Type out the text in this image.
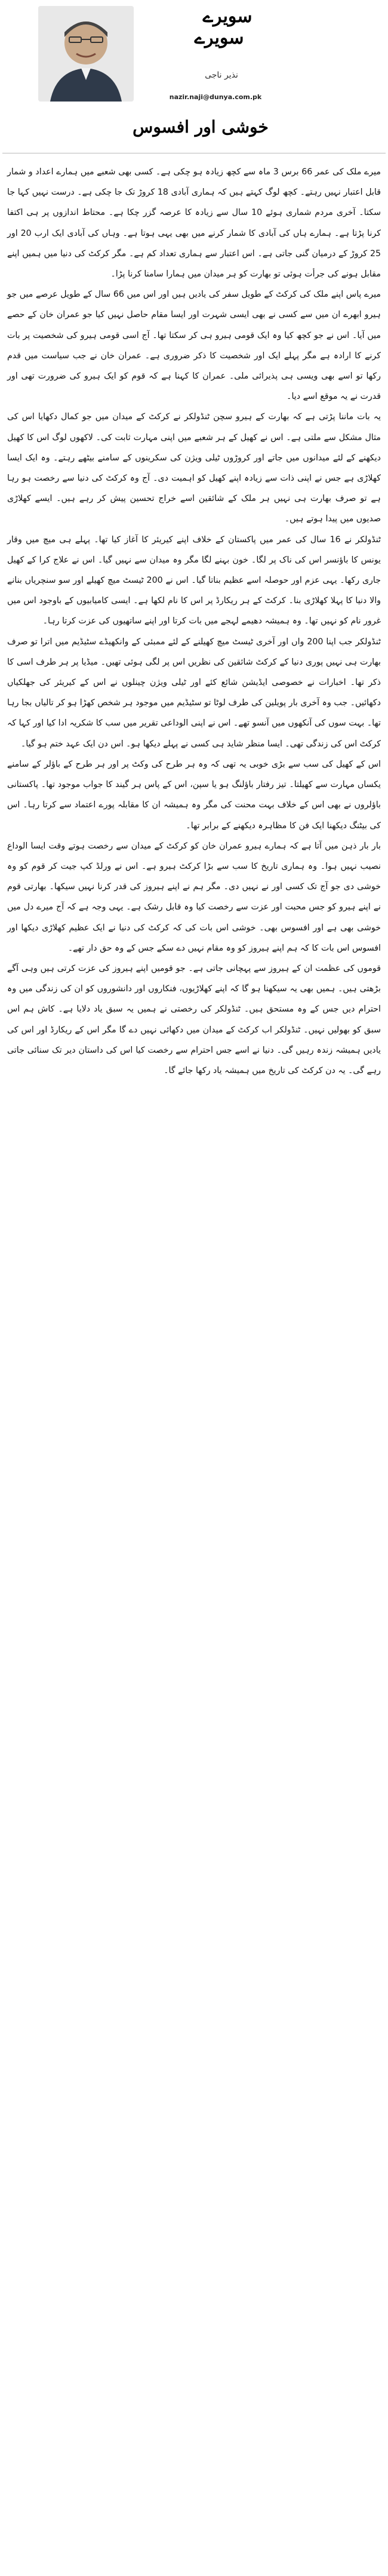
سویرے
سویرے
نذیر ناجی
nazir.naji@dunya.com.pk
خوشی اور افسوس

میرے ملک کی عمر 66 برس 3 ماہ سے کچھ زیادہ ہو چکی ہے۔ کسی بھی شعبے میں ہمارے اعداد و شمار قابل اعتبار نہیں رہتے۔ کچھ لوگ کہتے ہیں کہ ہماری آبادی 18 کروڑ تک جا چکی ہے۔ درست نہیں کہا جا سکتا۔ آخری مردم شماری ہوئے 10 سال سے زیادہ کا عرصہ گزر چکا ہے۔ محتاط اندازوں پر ہی اکتفا کرنا پڑتا ہے۔ ہمارے ہاں کی آبادی کا شمار کرنے میں بھی یہی ہوتا ہے۔ وہاں کی آبادی ایک ارب 20 اور 25 کروڑ کے درمیان گنی جاتی ہے۔ اس اعتبار سے ہماری تعداد کم ہے۔ مگر کرکٹ کی دنیا میں ہمیں اپنے مقابل ہونے کی جرأت ہوئی تو بھارت کو ہر میدان میں ہمارا سامنا کرنا پڑا۔

میرے پاس اپنے ملک کی کرکٹ کے طویل سفر کی یادیں ہیں اور اس میں 66 سال کے طویل عرصے میں جو ہیرو ابھرے ان میں سے کسی نے بھی ایسی شہرت اور ایسا مقام حاصل نہیں کیا جو عمران خان کے حصے میں آیا۔ اس نے جو کچھ کیا وہ ایک قومی ہیرو ہی کر سکتا تھا۔ آج اسی قومی ہیرو کی شخصیت پر بات کرنے کا ارادہ ہے مگر پہلے ایک اور شخصیت کا ذکر ضروری ہے۔ عمران خان نے جب سیاست میں قدم رکھا تو اسے بھی ویسی ہی پذیرائی ملی۔ عمران کا کہنا ہے کہ قوم کو ایک ہیرو کی ضرورت تھی اور قدرت نے یہ موقع اسے دیا۔

یہ بات ماننا پڑتی ہے کہ بھارت کے ہیرو سچن ٹنڈولکر نے کرکٹ کے میدان میں جو کمال دکھایا اس کی مثال مشکل سے ملتی ہے۔ اس نے کھیل کے ہر شعبے میں اپنی مہارت ثابت کی۔ لاکھوں لوگ اس کا کھیل دیکھنے کے لئے میدانوں میں جاتے اور کروڑوں ٹیلی ویژن کی سکرینوں کے سامنے بیٹھے رہتے۔ وہ ایک ایسا کھلاڑی ہے جس نے اپنی ذات سے زیادہ اپنے کھیل کو اہمیت دی۔ آج وہ کرکٹ کی دنیا سے رخصت ہو رہا ہے تو صرف بھارت ہی نہیں ہر ملک کے شائقین اسے خراج تحسین پیش کر رہے ہیں۔ ایسے کھلاڑی صدیوں میں پیدا ہوتے ہیں۔

ٹنڈولکر نے 16 سال کی عمر میں پاکستان کے خلاف اپنے کیریئر کا آغاز کیا تھا۔ پہلے ہی میچ میں وقار یونس کا باؤنسر اس کی ناک پر لگا۔ خون بہنے لگا مگر وہ میدان سے نہیں گیا۔ اس نے علاج کرا کے کھیل جاری رکھا۔ یہی عزم اور حوصلہ اسے عظیم بناتا گیا۔ اس نے 200 ٹیسٹ میچ کھیلے اور سو سنچریاں بنانے والا دنیا کا پہلا کھلاڑی بنا۔ کرکٹ کے ہر ریکارڈ پر اس کا نام لکھا ہے۔ ایسی کامیابیوں کے باوجود اس میں غرور نام کو نہیں تھا۔ وہ ہمیشہ دھیمے لہجے میں بات کرتا اور اپنے ساتھیوں کی عزت کرتا رہا۔

ٹنڈولکر جب اپنا 200 واں اور آخری ٹیسٹ میچ کھیلنے کے لئے ممبئی کے وانکھیڈے سٹیڈیم میں اترا تو صرف بھارت ہی نہیں پوری دنیا کے کرکٹ شائقین کی نظریں اس پر لگی ہوئی تھیں۔ میڈیا پر ہر طرف اسی کا ذکر تھا۔ اخبارات نے خصوصی ایڈیشن شائع کئے اور ٹیلی ویژن چینلوں نے اس کے کیریئر کی جھلکیاں دکھائیں۔ جب وہ آخری بار پویلین کی طرف لوٹا تو سٹیڈیم میں موجود ہر شخص کھڑا ہو کر تالیاں بجا رہا تھا۔ بہت سوں کی آنکھوں میں آنسو تھے۔ اس نے اپنی الوداعی تقریر میں سب کا شکریہ ادا کیا اور کہا کہ کرکٹ اس کی زندگی تھی۔ ایسا منظر شاید ہی کسی نے پہلے دیکھا ہو۔ اس دن ایک عہد ختم ہو گیا۔

اس کے کھیل کی سب سے بڑی خوبی یہ تھی کہ وہ ہر طرح کی وکٹ پر اور ہر طرح کے باؤلر کے سامنے یکساں مہارت سے کھیلتا۔ تیز رفتار باؤلنگ ہو یا سپن، اس کے پاس ہر گیند کا جواب موجود تھا۔ پاکستانی باؤلروں نے بھی اس کے خلاف بہت محنت کی مگر وہ ہمیشہ ان کا مقابلہ پورے اعتماد سے کرتا رہا۔ اس کی بیٹنگ دیکھنا ایک فن کا مظاہرہ دیکھنے کے برابر تھا۔

بار بار ذہن میں آتا ہے کہ ہمارے ہیرو عمران خان کو کرکٹ کے میدان سے رخصت ہوتے وقت ایسا الوداع نصیب نہیں ہوا۔ وہ ہماری تاریخ کا سب سے بڑا کرکٹ ہیرو ہے۔ اس نے ورلڈ کپ جیت کر قوم کو وہ خوشی دی جو آج تک کسی اور نے نہیں دی۔ مگر ہم نے اپنے ہیروز کی قدر کرنا نہیں سیکھا۔ بھارتی قوم نے اپنے ہیرو کو جس محبت اور عزت سے رخصت کیا وہ قابل رشک ہے۔ یہی وجہ ہے کہ آج میرے دل میں خوشی بھی ہے اور افسوس بھی۔ خوشی اس بات کی کہ کرکٹ کی دنیا نے ایک عظیم کھلاڑی دیکھا اور افسوس اس بات کا کہ ہم اپنے ہیروز کو وہ مقام نہیں دے سکے جس کے وہ حق دار تھے۔

قوموں کی عظمت ان کے ہیروز سے پہچانی جاتی ہے۔ جو قومیں اپنے ہیروز کی عزت کرتی ہیں وہی آگے بڑھتی ہیں۔ ہمیں بھی یہ سیکھنا ہو گا کہ اپنے کھلاڑیوں، فنکاروں اور دانشوروں کو ان کی زندگی میں وہ احترام دیں جس کے وہ مستحق ہیں۔ ٹنڈولکر کی رخصتی نے ہمیں یہ سبق یاد دلایا ہے۔ کاش ہم اس سبق کو بھولیں نہیں۔ ٹنڈولکر اب کرکٹ کے میدان میں دکھائی نہیں دے گا مگر اس کے ریکارڈ اور اس کی یادیں ہمیشہ زندہ رہیں گی۔ دنیا نے اسے جس احترام سے رخصت کیا اس کی داستان دیر تک سنائی جاتی رہے گی۔ یہ دن کرکٹ کی تاریخ میں ہمیشہ یاد رکھا جائے گا۔
